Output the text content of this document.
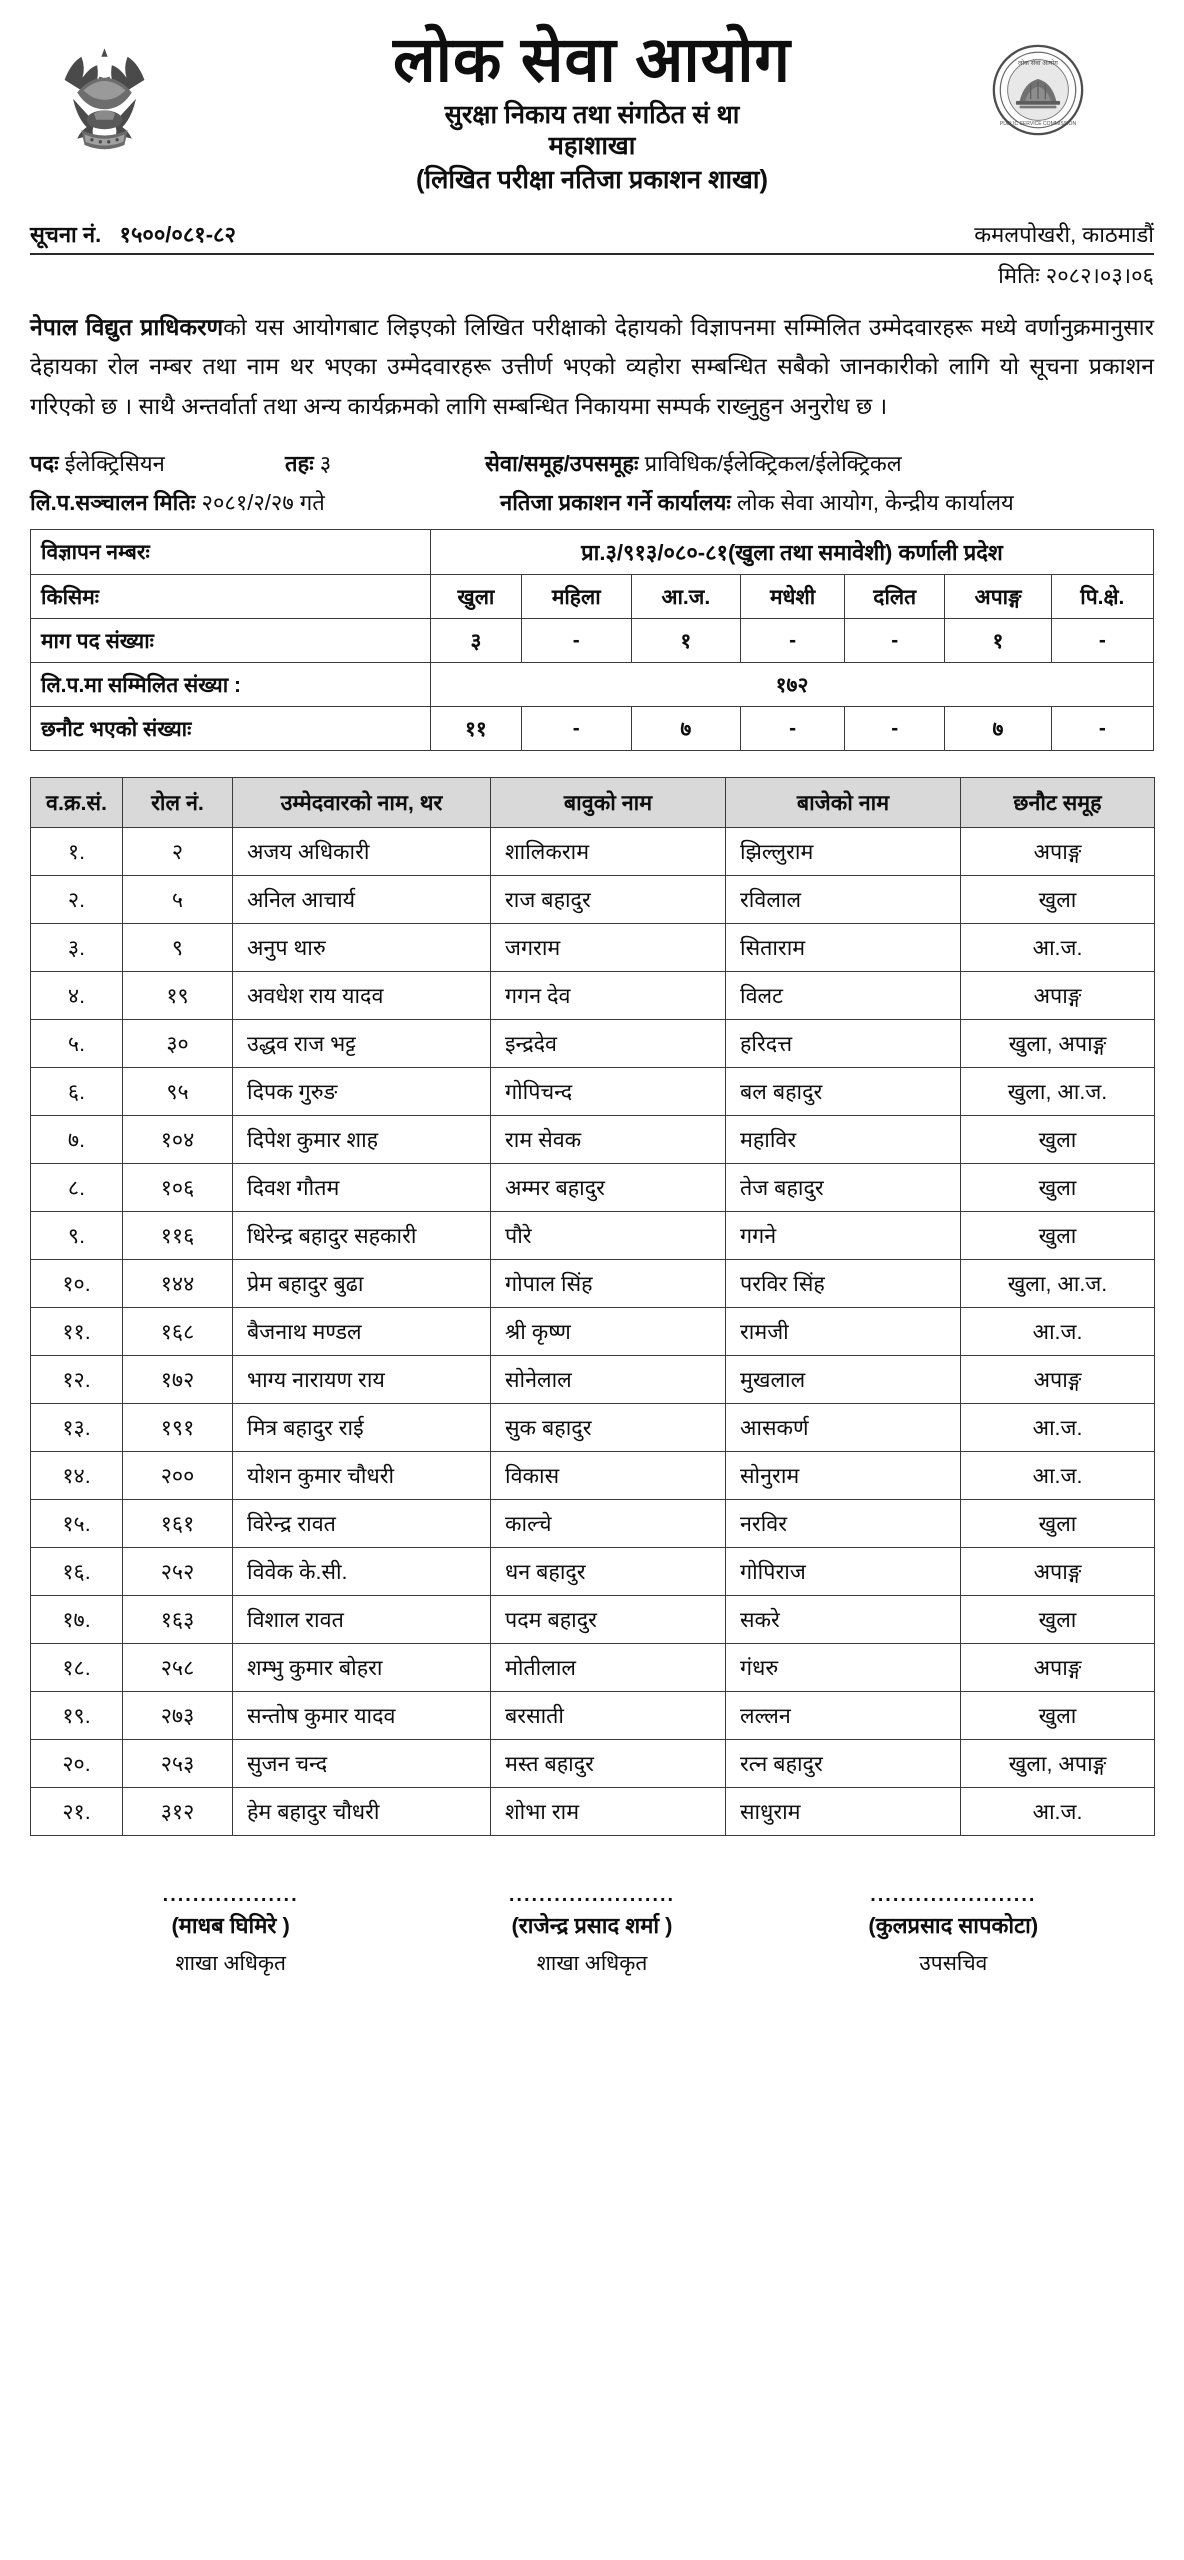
लोक सेवा आयोग
PUBLIC SERVICE COMMISSION
लोक सेवा आयोग
सुरक्षा निकाय तथा संगठित सं था
महाशाखा
(लिखित परीक्षा नतिजा प्रकाशन शाखा)
सूचना नं. १५००/०८१-८२	कमलपोखरी, काठमाडौं
मितिः २०८२।०३।०६
नेपाल विद्युत प्राधिकरणको यस आयोगबाट लिइएको लिखित परीक्षाको देहायको विज्ञापनमा सम्मिलित उम्मेदवारहरू मध्ये वर्णानुक्रमानुसार देहायका रोल नम्बर तथा नाम थर भएका उम्मेदवारहरू उत्तीर्ण भएको व्यहोरा सम्बन्धित सबैको जानकारीको लागि यो सूचना प्रकाशन गरिएको छ । साथै अन्तर्वार्ता तथा अन्य कार्यक्रमको लागि सम्बन्धित निकायमा सम्पर्क रा‍ख्नुहुन अनुरोध छ ।
पदः ईलेक्ट्रिसियन	तहः ३	सेवा/समूह/उपसमूहः प्राविधिक/ईलेक्ट्रिकल/ईलेक्ट्रिकल
लि.प.सञ्चालन मितिः २०८१/२/२७ गते	नतिजा प्रकाशन गर्ने कार्यालयः लोक सेवा आयोग, केन्द्रीय कार्यालय
विज्ञापन नम्बरः	प्रा.३/९१३/०८०-८१(खुला तथा समावेशी) कर्णाली प्रदेश						
किसिमः	खुला	महिला	आ.ज.	मधेशी	दलित	अपाङ्ग	पि.क्षे.
माग पद संख्याः	३	-	१	-	-	१	-
लि.प.मा सम्मिलित संख्या :	१७२						
छनौट भएको संख्याः	११	-	७	-	-	७	-
व.क्र.सं.	रोल नं.	उम्मेदवारको नाम, थर	बावुको नाम	बाजेको नाम	छनौट समूह
१.	२	अजय अधिकारी	शालिकराम	झिल्लुराम	अपाङ्ग
२.	५	अनिल आचार्य	राज बहादुर	रविलाल	खुला
३.	९	अनुप थारु	जगराम	सिताराम	आ.ज.
४.	१९	अवधेश राय यादव	गगन देव	विलट	अपाङ्ग
५.	३०	उद्धव राज भट्ट	इन्द्रदेव	हरिदत्त	खुला, अपाङ्ग
६.	९५	दिपक गुरुङ	गोपिचन्द	बल बहादुर	खुला, आ.ज.
७.	१०४	दिपेश कुमार शाह	राम सेवक	महाविर	खुला
८.	१०६	दिवश गौतम	अम्मर बहादुर	तेज बहादुर	खुला
९.	११६	धिरेन्द्र बहादुर सहकारी	पौरे	गगने	खुला
१०.	१४४	प्रेम बहादुर बुढा	गोपाल सिंह	परविर सिंह	खुला, आ.ज.
११.	१६८	बैजनाथ मण्डल	श्री कृष्ण	रामजी	आ.ज.
१२.	१७२	भाग्य नारायण राय	सोनेलाल	मुखलाल	अपाङ्ग
१३.	१९१	मित्र बहादुर राई	सुक बहादुर	आसकर्ण	आ.ज.
१४.	२००	योशन कुमार चौधरी	विकास	सोनुराम	आ.ज.
१५.	१६१	विरेन्द्र रावत	काल्चे	नरविर	खुला
१६.	२५२	विवेक के.सी.	धन बहादुर	गोपिराज	अपाङ्ग
१७.	१६३	विशाल रावत	पदम बहादुर	सकरे	खुला
१८.	२५८	शम्भु कुमार बोहरा	मोतीलाल	गंधरु	अपाङ्ग
१९.	२७३	सन्तोष कुमार यादव	बरसाती	लल्लन	खुला
२०.	२५३	सुजन चन्द	मस्त बहादुर	रत्न बहादुर	खुला, अपाङ्ग
२१.	३१२	हेम बहादुर चौधरी	शोभा राम	साधुराम	आ.ज.
..................
(माधब घिमिरे )
शाखा अधिकृत
......................
(राजेन्द्र प्रसाद शर्मा )
शाखा अधिकृत
......................
(कुलप्रसाद सापकोटा)
उपसचिव
